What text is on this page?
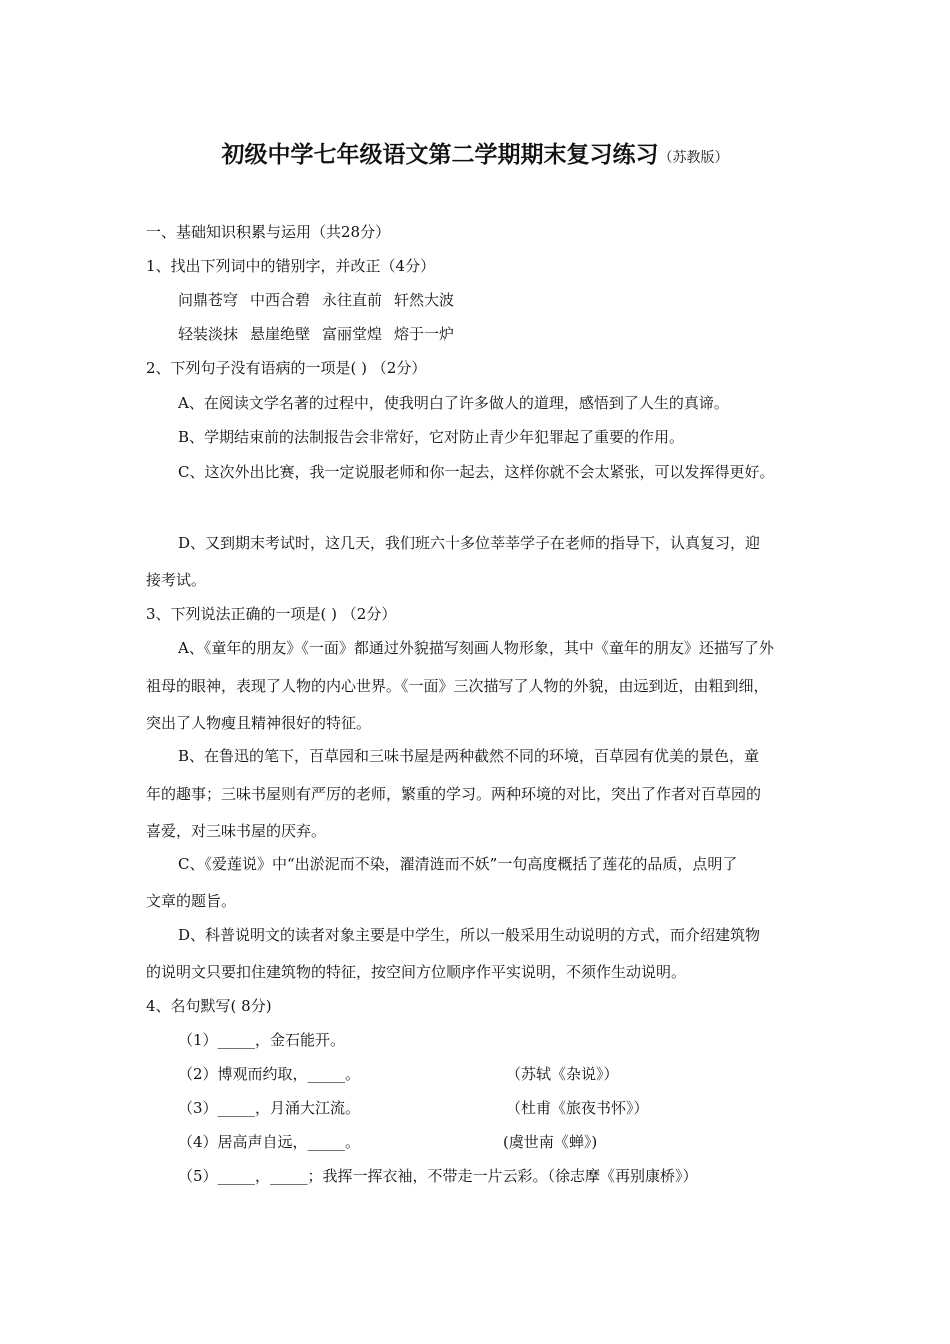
初级中学七年级语文第二学期期末复习练习（苏教版）
一、基础知识积累与运用（共28分）
1、找出下列词中的错别字，并改正（4分）
问鼎苍穹 中西合碧 永往直前 轩然大波
轻装淡抹 悬崖绝壁 富丽堂煌 熔于一炉
2、下列句子没有语病的一项是( ) （2分）
A、在阅读文学名著的过程中，使我明白了许多做人的道理，感悟到了人生的真谛。
B、学期结束前的法制报告会非常好，它对防止青少年犯罪起了重要的作用。
C、这次外出比赛，我一定说服老师和你一起去，这样你就不会太紧张，可以发挥得更好。
D、又到期末考试时，这几天，我们班六十多位莘莘学子在老师的指导下，认真复习，迎
接考试。
3、下列说法正确的一项是( ) （2分）
A、《童年的朋友》《一面》都通过外貌描写刻画人物形象，其中《童年的朋友》还描写了外
祖母的眼神，表现了人物的内心世界。《一面》三次描写了人物的外貌，由远到近，由粗到细，
突出了人物瘦且精神很好的特征。
B、在鲁迅的笔下，百草园和三味书屋是两种截然不同的环境，百草园有优美的景色，童
年的趣事；三味书屋则有严厉的老师，繁重的学习。两种环境的对比，突出了作者对百草园的
喜爱，对三味书屋的厌弃。
C、《爱莲说》中“出淤泥而不染，濯清涟而不妖”一句高度概括了莲花的品质，点明了
文章的题旨。
D、科普说明文的读者对象主要是中学生，所以一般采用生动说明的方式，而介绍建筑物
的说明文只要扣住建筑物的特征，按空间方位顺序作平实说明，不须作生动说明。
4、名句默写( 8分)
（1）_____，金石能开。
（2）博观而约取，_____。	（苏轼《杂说》）
（3）_____，月涌大江流。	（杜甫《旅夜书怀》）
（4）居高声自远，_____。	(虞世南《蝉》)
（5）_____，_____；我挥一挥衣袖，不带走一片云彩。（徐志摩《再别康桥》）
